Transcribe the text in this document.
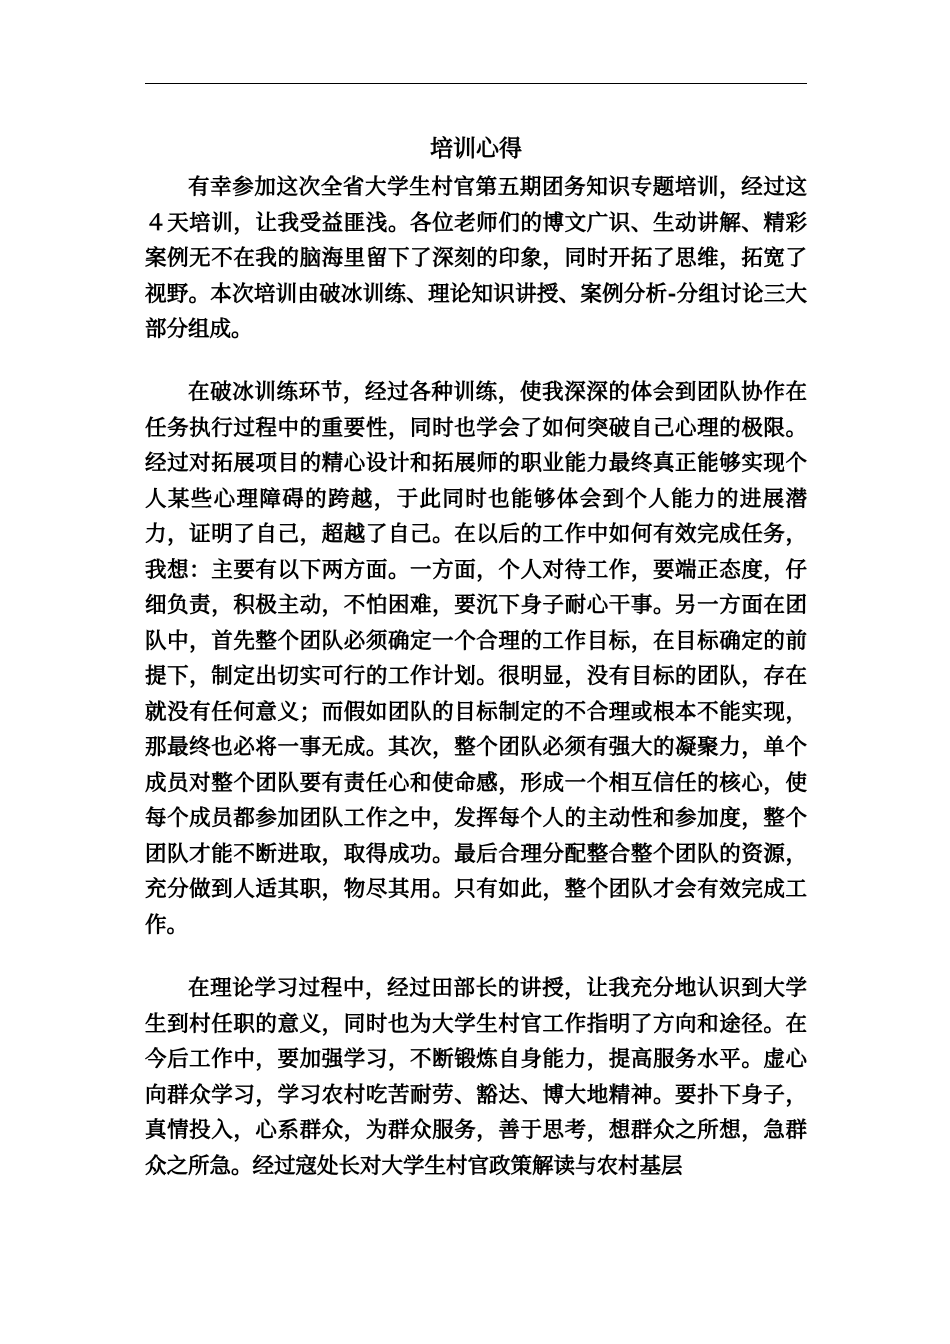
培训心得

有幸参加这次全省大学生村官第五期团务知识专题培训，经过这４天培训，让我受益匪浅。各位老师们的博文广识、生动讲解、精彩案例无不在我的脑海里留下了深刻的印象，同时开拓了思维，拓宽了视野。本次培训由破冰训练、理论知识讲授、案例分析-分组讨论三大部分组成。

在破冰训练环节，经过各种训练，使我深深的体会到团队协作在任务执行过程中的重要性，同时也学会了如何突破自己心理的极限。经过对拓展项目的精心设计和拓展师的职业能力最终真正能够实现个人某些心理障碍的跨越，于此同时也能够体会到个人能力的进展潜力，证明了自己，超越了自己。在以后的工作中如何有效完成任务，我想：主要有以下两方面。一方面，个人对待工作，要端正态度，仔细负责，积极主动，不怕困难，要沉下身子耐心干事。另一方面在团队中，首先整个团队必须确定一个合理的工作目标，在目标确定的前提下，制定出切实可行的工作计划。很明显，没有目标的团队，存在就没有任何意义；而假如团队的目标制定的不合理或根本不能实现，那最终也必将一事无成。其次，整个团队必须有强大的凝聚力，单个成员对整个团队要有责任心和使命感，形成一个相互信任的核心，使每个成员都参加团队工作之中，发挥每个人的主动性和参加度，整个团队才能不断进取，取得成功。最后合理分配整合整个团队的资源，充分做到人适其职，物尽其用。只有如此，整个团队才会有效完成工作。

在理论学习过程中，经过田部长的讲授，让我充分地认识到大学生到村任职的意义，同时也为大学生村官工作指明了方向和途径。在今后工作中，要加强学习，不断锻炼自身能力，提高服务水平。虚心向群众学习，学习农村吃苦耐劳、豁达、博大地精神。要扑下身子，真情投入，心系群众，为群众服务，善于思考，想群众之所想，急群众之所急。经过寇处长对大学生村官政策解读与农村基层
